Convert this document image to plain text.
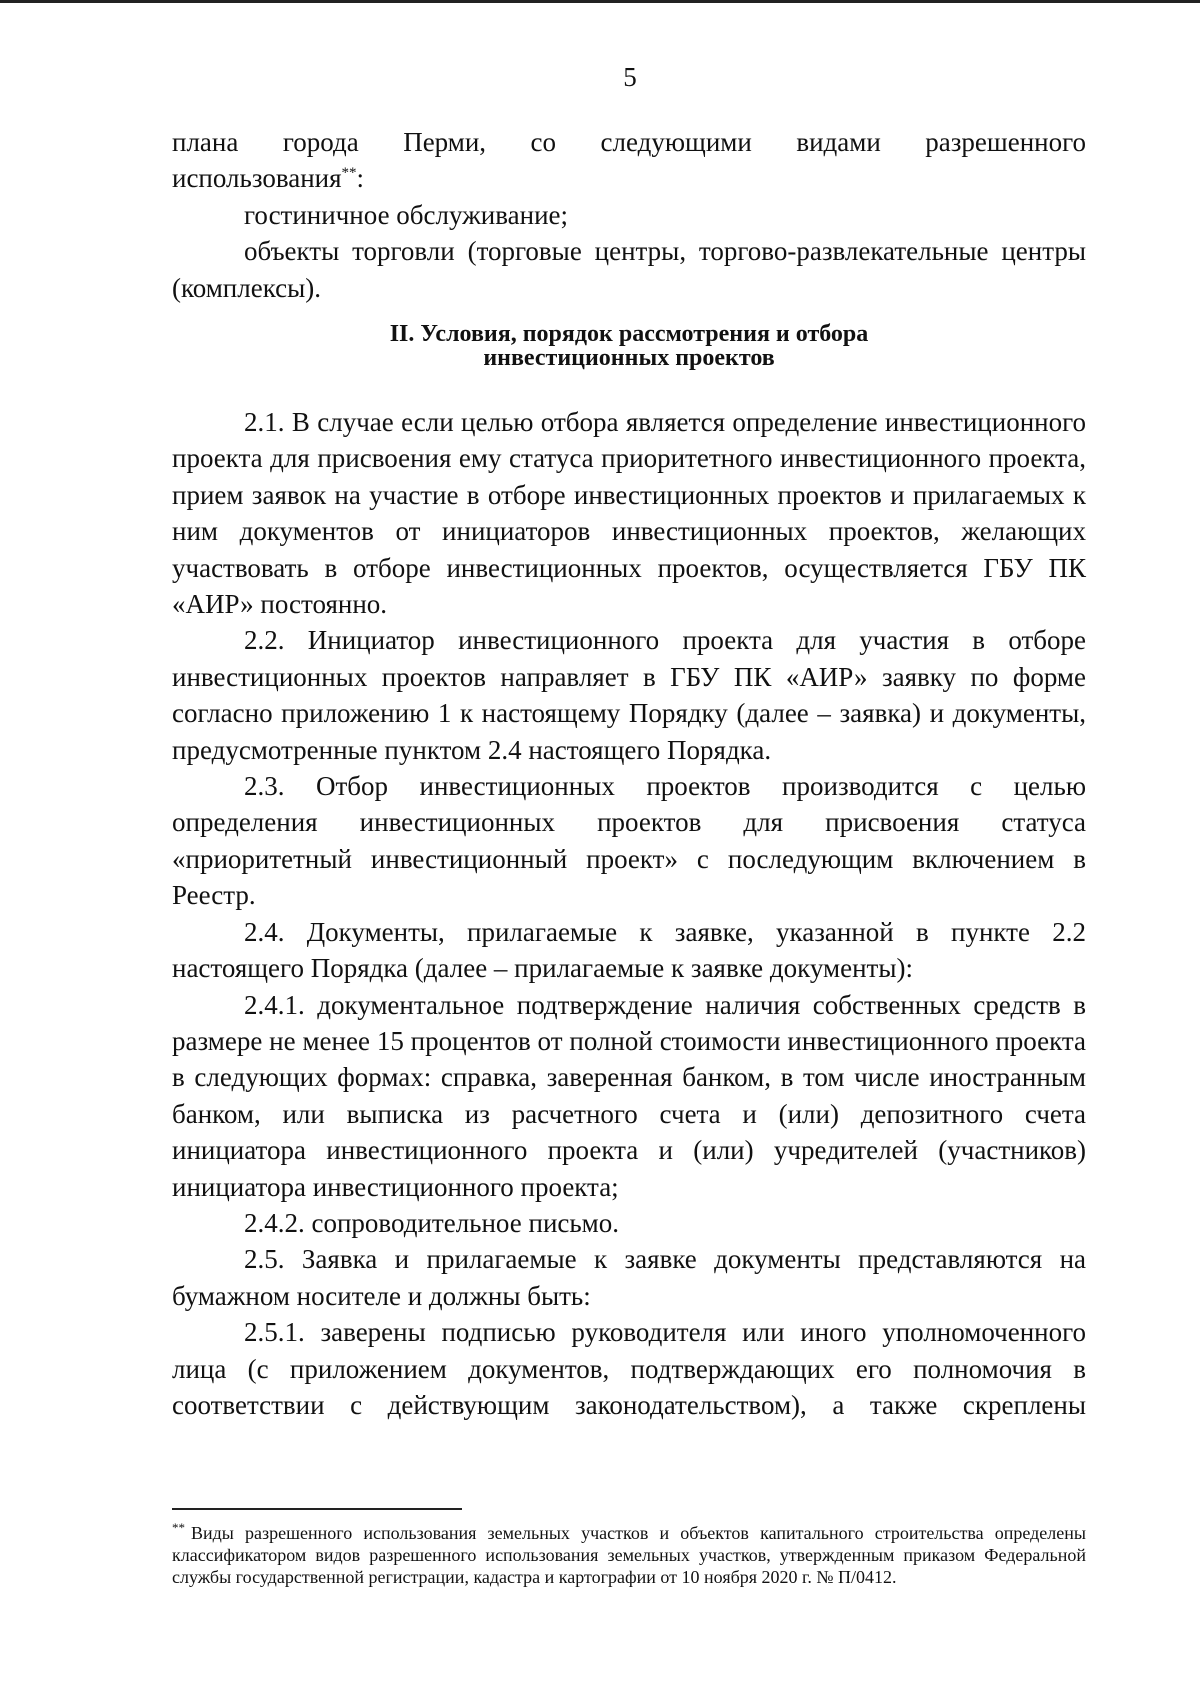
5

плана города Перми, со следующими видами разрешенного

использования**:

гостиничное обслуживание;

объекты торговли (торговые центры, торгово-развлекательные центры (комплексы).

II. Условия, порядок рассмотрения и отбора
инвестиционных проектов

2.1. В случае если целью отбора является определение инвестиционного проекта для присвоения ему статуса приоритетного инвестиционного проекта, прием заявок на участие в отборе инвестиционных проектов и прилагаемых к ним документов от инициаторов инвестиционных проектов, желающих участвовать в отборе инвестиционных проектов, осуществляется ГБУ ПК «АИР» постоянно.

2.2. Инициатор инвестиционного проекта для участия в отборе инвестиционных проектов направляет в ГБУ ПК «АИР» заявку по форме согласно приложению 1 к настоящему Порядку (далее – заявка) и документы, предусмотренные пунктом 2.4 настоящего Порядка.

2.3. Отбор инвестиционных проектов производится с целью определения инвестиционных проектов для присвоения статуса «приоритетный инвестиционный проект» с последующим включением в Реестр.

2.4. Документы, прилагаемые к заявке, указанной в пункте 2.2 настоящего Порядка (далее – прилагаемые к заявке документы):

2.4.1. документальное подтверждение наличия собственных средств в размере не менее 15 процентов от полной стоимости инвестиционного проекта в следующих формах: справка, заверенная банком, в том числе иностранным банком, или выписка из расчетного счета и (или) депозитного счета инициатора инвестиционного проекта и (или) учредителей (участников) инициатора инвестиционного проекта;

2.4.2. сопроводительное письмо.

2.5. Заявка и прилагаемые к заявке документы представляются на бумажном носителе и должны быть:

2.5.1. заверены подписью руководителя или иного уполномоченного лица (с приложением документов, подтверждающих его полномочия в соответствии с действующим законодательством), а также скреплены

** Виды разрешенного использования земельных участков и объектов капитального строительства определены классификатором видов разрешенного использования земельных участков, утвержденным приказом Федеральной службы государственной регистрации, кадастра и картографии от 10 ноября 2020 г. № П/0412.
